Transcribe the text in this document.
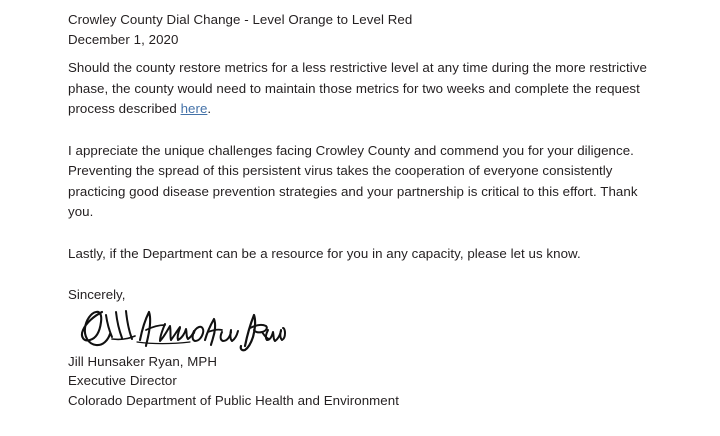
Crowley County Dial Change - Level Orange to Level Red
December 1, 2020

Should the county restore metrics for a less restrictive level at any time during the more restrictive phase, the county would need to maintain those metrics for two weeks and complete the request process described here.

I appreciate the unique challenges facing Crowley County and commend you for your diligence. Preventing the spread of this persistent virus takes the cooperation of everyone consistently practicing good disease prevention strategies and your partnership is critical to this effort. Thank you.

Lastly, if the Department can be a resource for you in any capacity, please let us know.

Sincerely,
Jill Hunsaker Ryan, MPH
Executive Director
Colorado Department of Public Health and Environment
